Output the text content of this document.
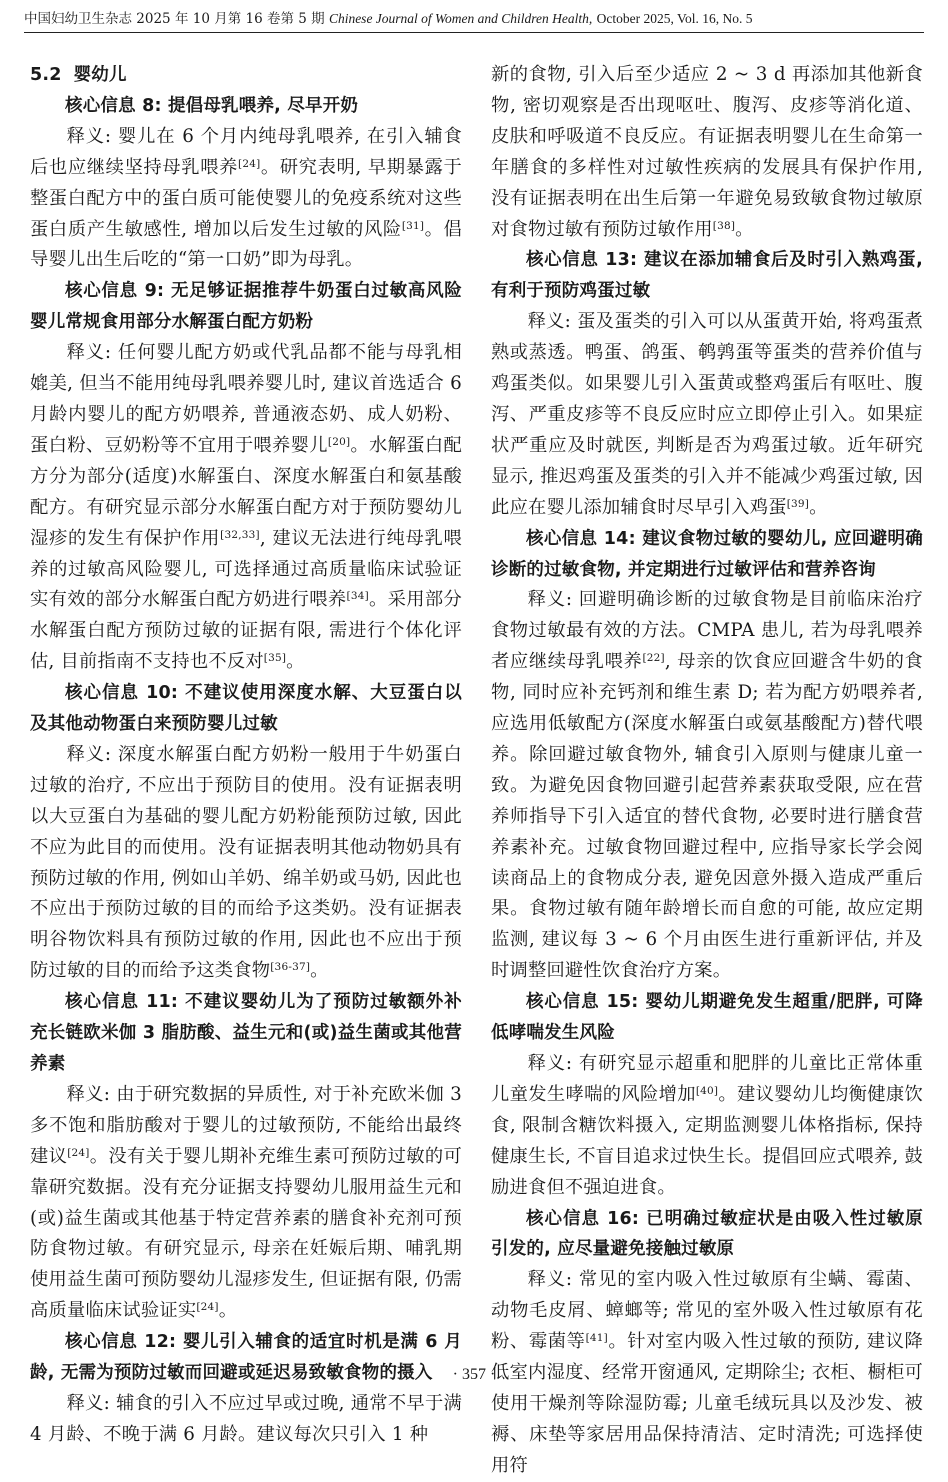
中国妇幼卫生杂志 2025 年 10 月第 16 卷第 5 期 Chinese Journal of Women and Children Health, October 2025, Vol. 16, No. 5

5.2 婴幼儿

核心信息 8: 提倡母乳喂养, 尽早开奶

释义: 婴儿在 6 个月内纯母乳喂养, 在引入辅食后也应继续坚持母乳喂养[24]。研究表明, 早期暴露于整蛋白配方中的蛋白质可能使婴儿的免疫系统对这些蛋白质产生敏感性, 增加以后发生过敏的风险[31]。倡导婴儿出生后吃的“第一口奶”即为母乳。

核心信息 9: 无足够证据推荐牛奶蛋白过敏高风险婴儿常规食用部分水解蛋白配方奶粉

释义: 任何婴儿配方奶或代乳品都不能与母乳相媲美, 但当不能用纯母乳喂养婴儿时, 建议首选适合 6 月龄内婴儿的配方奶喂养, 普通液态奶、成人奶粉、蛋白粉、豆奶粉等不宜用于喂养婴儿[20]。水解蛋白配方分为部分(适度)水解蛋白、深度水解蛋白和氨基酸配方。有研究显示部分水解蛋白配方对于预防婴幼儿湿疹的发生有保护作用[32,33], 建议无法进行纯母乳喂养的过敏高风险婴儿, 可选择通过高质量临床试验证实有效的部分水解蛋白配方奶进行喂养[34]。采用部分水解蛋白配方预防过敏的证据有限, 需进行个体化评估, 目前指南不支持也不反对[35]。

核心信息 10: 不建议使用深度水解、大豆蛋白以及其他动物蛋白来预防婴儿过敏

释义: 深度水解蛋白配方奶粉一般用于牛奶蛋白过敏的治疗, 不应出于预防目的使用。没有证据表明以大豆蛋白为基础的婴儿配方奶粉能预防过敏, 因此不应为此目的而使用。没有证据表明其他动物奶具有预防过敏的作用, 例如山羊奶、绵羊奶或马奶, 因此也不应出于预防过敏的目的而给予这类奶。没有证据表明谷物饮料具有预防过敏的作用, 因此也不应出于预防过敏的目的而给予这类食物[36-37]。

核心信息 11: 不建议婴幼儿为了预防过敏额外补充长链欧米伽 3 脂肪酸、益生元和(或)益生菌或其他营养素

释义: 由于研究数据的异质性, 对于补充欧米伽 3 多不饱和脂肪酸对于婴儿的过敏预防, 不能给出最终建议[24]。没有关于婴儿期补充维生素可预防过敏的可靠研究数据。没有充分证据支持婴幼儿服用益生元和(或)益生菌或其他基于特定营养素的膳食补充剂可预防食物过敏。有研究显示, 母亲在妊娠后期、哺乳期使用益生菌可预防婴幼儿湿疹发生, 但证据有限, 仍需高质量临床试验证实[24]。

核心信息 12: 婴儿引入辅食的适宜时机是满 6 月龄, 无需为预防过敏而回避或延迟易致敏食物的摄入

释义: 辅食的引入不应过早或过晚, 通常不早于满 4 月龄、不晚于满 6 月龄。建议每次只引入 1 种

新的食物, 引入后至少适应 2 ~ 3 d 再添加其他新食物, 密切观察是否出现呕吐、腹泻、皮疹等消化道、皮肤和呼吸道不良反应。有证据表明婴儿在生命第一年膳食的多样性对过敏性疾病的发展具有保护作用, 没有证据表明在出生后第一年避免易致敏食物过敏原对食物过敏有预防过敏作用[38]。

核心信息 13: 建议在添加辅食后及时引入熟鸡蛋, 有利于预防鸡蛋过敏

释义: 蛋及蛋类的引入可以从蛋黄开始, 将鸡蛋煮熟或蒸透。鸭蛋、鸽蛋、鹌鹑蛋等蛋类的营养价值与鸡蛋类似。如果婴儿引入蛋黄或整鸡蛋后有呕吐、腹泻、严重皮疹等不良反应时应立即停止引入。如果症状严重应及时就医, 判断是否为鸡蛋过敏。近年研究显示, 推迟鸡蛋及蛋类的引入并不能减少鸡蛋过敏, 因此应在婴儿添加辅食时尽早引入鸡蛋[39]。

核心信息 14: 建议食物过敏的婴幼儿, 应回避明确诊断的过敏食物, 并定期进行过敏评估和营养咨询

释义: 回避明确诊断的过敏食物是目前临床治疗食物过敏最有效的方法。CMPA 患儿, 若为母乳喂养者应继续母乳喂养[22], 母亲的饮食应回避含牛奶的食物, 同时应补充钙剂和维生素 D; 若为配方奶喂养者, 应选用低敏配方(深度水解蛋白或氨基酸配方)替代喂养。除回避过敏食物外, 辅食引入原则与健康儿童一致。为避免因食物回避引起营养素获取受限, 应在营养师指导下引入适宜的替代食物, 必要时进行膳食营养素补充。过敏食物回避过程中, 应指导家长学会阅读商品上的食物成分表, 避免因意外摄入造成严重后果。食物过敏有随年龄增长而自愈的可能, 故应定期监测, 建议每 3 ~ 6 个月由医生进行重新评估, 并及时调整回避性饮食治疗方案。

核心信息 15: 婴幼儿期避免发生超重/肥胖, 可降低哮喘发生风险

释义: 有研究显示超重和肥胖的儿童比正常体重儿童发生哮喘的风险增加[40]。建议婴幼儿均衡健康饮食, 限制含糖饮料摄入, 定期监测婴儿体格指标, 保持健康生长, 不盲目追求过快生长。提倡回应式喂养, 鼓励进食但不强迫进食。

核心信息 16: 已明确过敏症状是由吸入性过敏原引发的, 应尽量避免接触过敏原

释义: 常见的室内吸入性过敏原有尘螨、霉菌、动物毛皮屑、蟑螂等; 常见的室外吸入性过敏原有花粉、霉菌等[41]。针对室内吸入性过敏的预防, 建议降低室内湿度、经常开窗通风, 定期除尘; 衣柜、橱柜可使用干燥剂等除湿防霉; 儿童毛绒玩具以及沙发、被褥、床垫等家居用品保持清洁、定时清洗; 可选择使用符

· 357 ·
